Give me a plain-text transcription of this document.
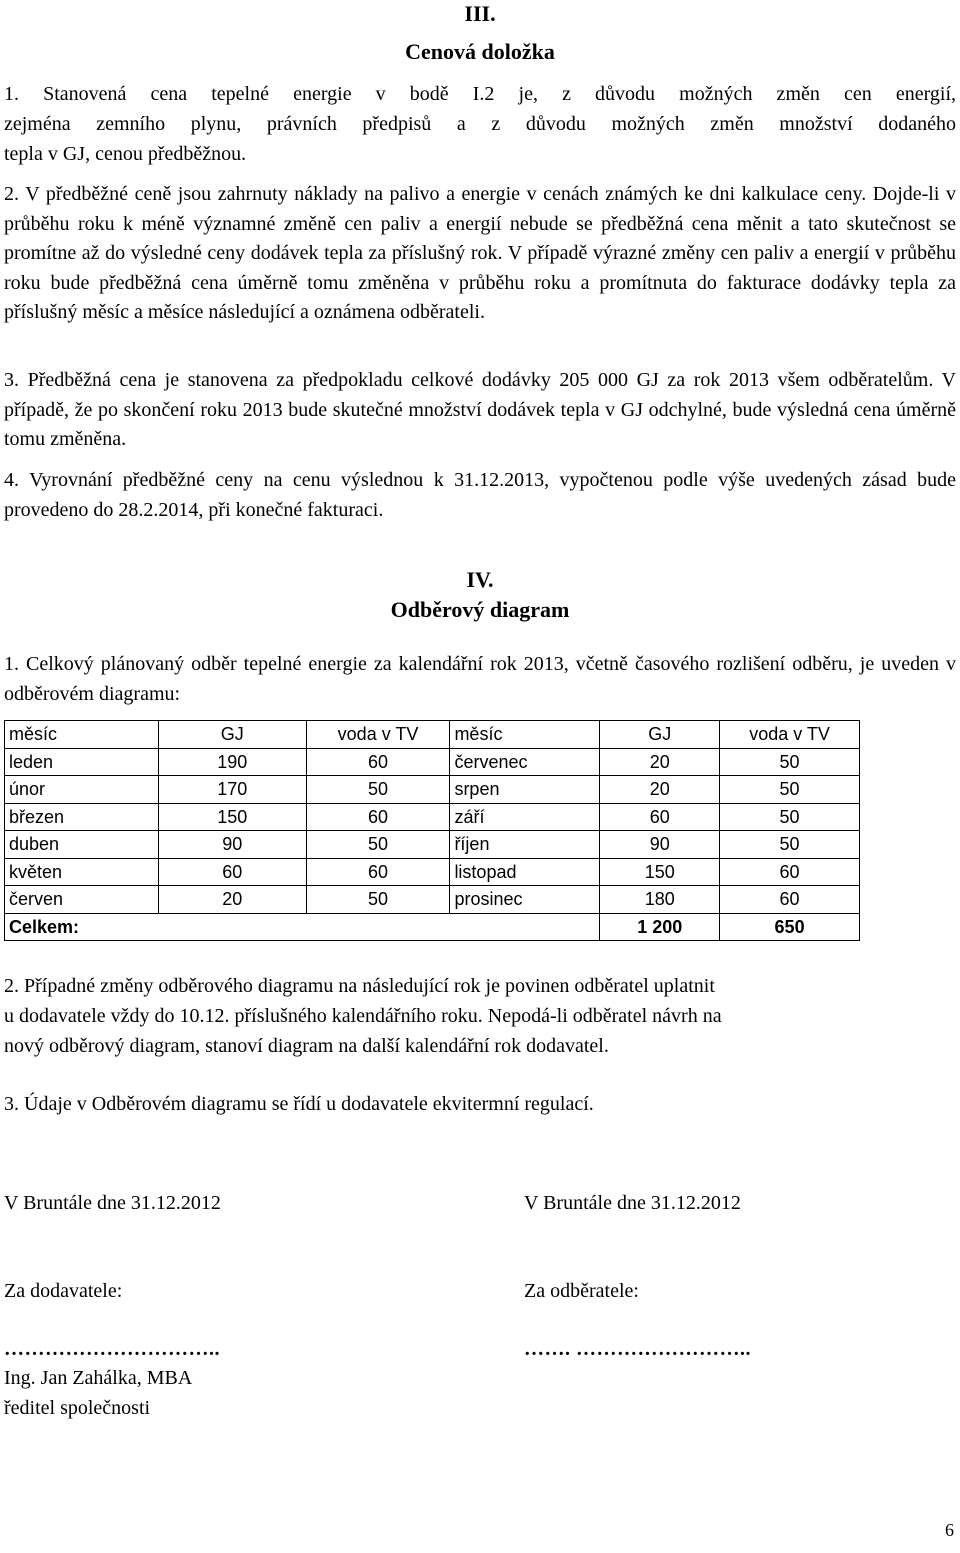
III.
Cenová doložka
1. Stanovená cena tepelné energie v bodě I.2 je, z důvodu možných změn cen energií,
zejména zemního plynu, právních předpisů a z důvodu možných změn množství dodaného
tepla v GJ, cenou předběžnou.
2. V předběžné ceně jsou zahrnuty náklady na palivo a energie v cenách známých ke dni kalkulace ceny. Dojde-li v průběhu roku k méně významné změně cen paliv a energií nebude se předběžná cena měnit a tato skutečnost se promítne až do výsledné ceny dodávek tepla za příslušný rok. V případě výrazné změny cen paliv a energií v průběhu roku bude předběžná cena úměrně tomu změněna v průběhu roku a promítnuta do fakturace dodávky tepla za příslušný měsíc a měsíce následující a oznámena odběrateli.
3. Předběžná cena je stanovena za předpokladu celkové dodávky 205 000 GJ za rok 2013 všem odběratelům. V případě, že po skončení roku 2013 bude skutečné množství dodávek tepla v GJ odchylné, bude výsledná cena úměrně tomu změněna.
4. Vyrovnání předběžné ceny na cenu výslednou k 31.12.2013, vypočtenou podle výše uvedených zásad bude provedeno do 28.2.2014, při konečné fakturaci.
IV.
Odběrový diagram
1. Celkový plánovaný odběr tepelné energie za kalendářní rok 2013, včetně časového rozlišení odběru, je uveden v odběrovém diagramu:
měsíc	GJ	voda v TV	měsíc	GJ	voda v TV
leden	190	60	červenec	20	50
únor	170	50	srpen	20	50
březen	150	60	září	60	50
duben	90	50	říjen	90	50
květen	60	60	listopad	150	60
červen	20	50	prosinec	180	60
Celkem:				1 200	650
2. Případné změny odběrového diagramu na následující rok je povinen odběratel uplatnit
u dodavatele vždy do 10.12. příslušného kalendářního roku. Nepodá-li odběratel návrh na
nový odběrový diagram, stanoví diagram na další kalendářní rok dodavatel.
3. Údaje v Odběrovém diagramu se řídí u dodavatele ekvitermní regulací.
V Bruntále dne 31.12.2012	V Bruntále dne 31.12.2012
Za dodavatele:	Za odběratele:
…………………………..	……. ……………………..
Ing. Jan Zahálka, MBA
ředitel společnosti
6
